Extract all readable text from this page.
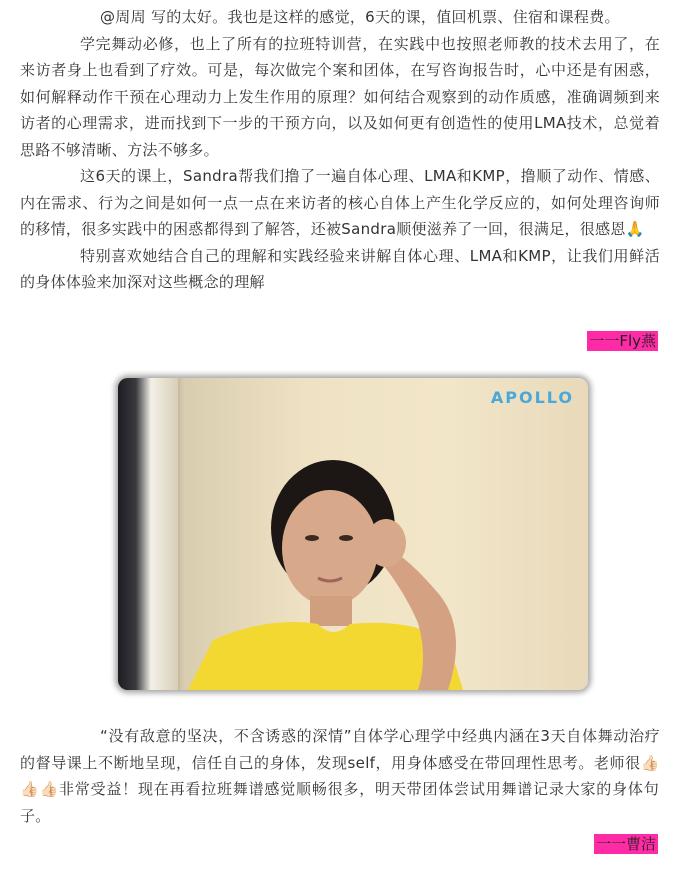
@周周 写的太好。我也是这样的感觉，6天的课，值回机票、住宿和课程费。

学完舞动必修，也上了所有的拉班特训营，在实践中也按照老师教的技术去用了，在来访者身上也看到了疗效。可是，每次做完个案和团体，在写咨询报告时，心中还是有困惑，如何解释动作干预在心理动力上发生作用的原理？如何结合观察到的动作质感，准确调频到来访者的心理需求，进而找到下一步的干预方向，以及如何更有创造性的使用LMA技术，总觉着思路不够清晰、方法不够多。

这6天的课上，Sandra帮我们撸了一遍自体心理、LMA和KMP，撸顺了动作、情感、内在需求、行为之间是如何一点一点在来访者的核心自体上产生化学反应的，如何处理咨询师的移情，很多实践中的困惑都得到了解答，还被Sandra顺便滋养了一回，很满足，很感恩🙏

特别喜欢她结合自己的理解和实践经验来讲解自体心理、LMA和KMP，让我们用鲜活的身体体验来加深对这些概念的理解

一一Fly燕
APOLLO

“没有敌意的坚决，不含诱惑的深情”自体学心理学中经典内涵在3天自体舞动治疗的督导课上不断地呈现，信任自己的身体，发现self，用身体感受在带回理性思考。老师很👍🏻👍🏻👍🏻非常受益！现在再看拉班舞谱感觉顺畅很多，明天带团体尝试用舞谱记录大家的身体句子。

一一曹洁
